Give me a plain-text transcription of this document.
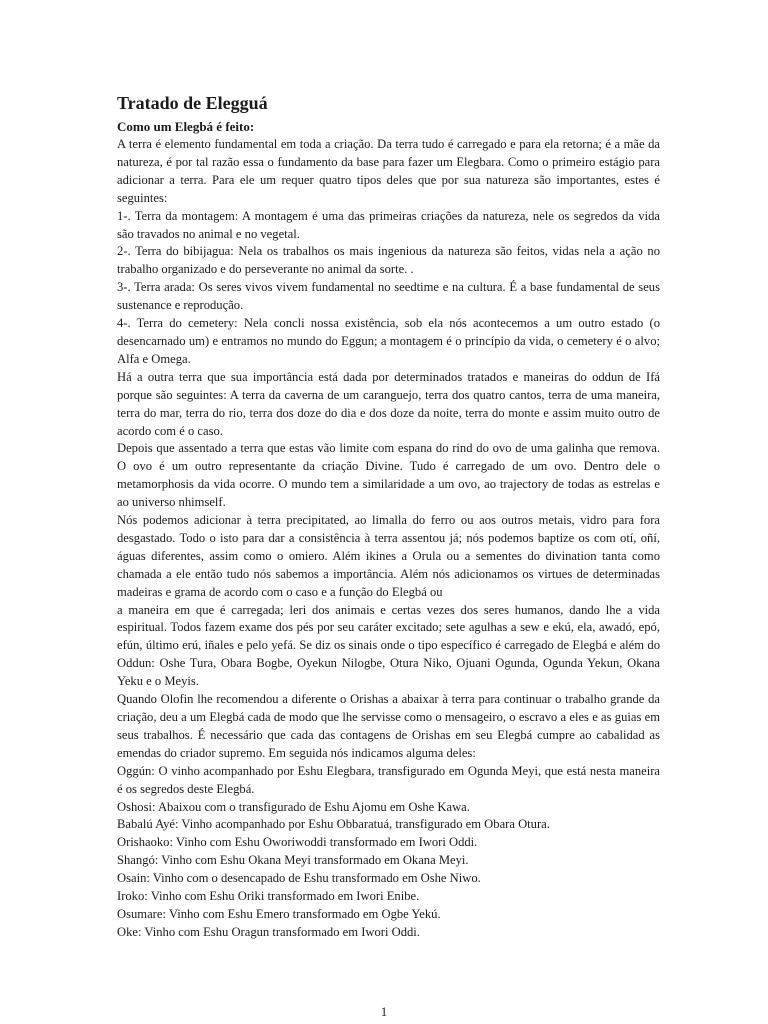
Tratado de Elegguá
Como um Elegbá é feito:

A terra é elemento fundamental em toda a criação. Da terra tudo é carregado e para ela retorna; é a mãe da natureza, é por tal razão essa o fundamento da base para fazer um Elegbara. Como o primeiro estágio para adicionar a terra. Para ele um requer quatro tipos deles que por sua natureza são importantes, estes é seguintes:

1-. Terra da montagem: A montagem é uma das primeiras criações da natureza, nele os segredos da vida são travados no animal e no vegetal.

2-. Terra do bibijagua: Nela os trabalhos os mais ingenious da natureza são feitos, vidas nela a ação no trabalho organizado e do perseverante no animal da sorte. .

3-. Terra arada: Os seres vivos vivem fundamental no seedtime e na cultura. É a base fundamental de seus sustenance e reprodução.

4-. Terra do cemetery: Nela concli nossa existência, sob ela nós acontecemos a um outro estado (o desencarnado um) e entramos no mundo do Eggun; a montagem é o princípio da vida, o cemetery é o alvo; Alfa e Omega.

Há a outra terra que sua importância está dada por determinados tratados e maneiras do oddun de Ifá porque são seguintes: A terra da caverna de um caranguejo, terra dos quatro cantos, terra de uma maneira, terra do mar, terra do rio, terra dos doze do dia e dos doze da noite, terra do monte e assim muito outro de acordo com é o caso.

Depois que assentado a terra que estas vão limite com espana do rind do ovo de uma galinha que remova. O ovo é um outro representante da criação Divine. Tudo é carregado de um ovo. Dentro dele o metamorphosis da vida ocorre. O mundo tem a similaridade a um ovo, ao trajectory de todas as estrelas e ao universo nhimself.

Nós podemos adicionar à terra precipitated, ao limalla do ferro ou aos outros metais, vidro para fora desgastado. Todo o isto para dar a consistência à terra assentou já; nós podemos baptize os com otí, oñí, águas diferentes, assim como o omiero. Além ikines a Orula ou a sementes do divination tanta como chamada a ele então tudo nós sabemos a importância. Além nós adicionamos os virtues de determinadas madeiras e grama de acordo com o caso e a função do Elegbá ou

a maneira em que é carregada; leri dos animais e certas vezes dos seres humanos, dando lhe a vida espiritual. Todos fazem exame dos pés por seu caráter excitado; sete agulhas a sew e ekú, ela, awadó, epó, efún, último erú, iñales e pelo yefá. Se diz os sinais onde o tipo específico é carregado de Elegbá e além do Oddun: Oshe Tura, Obara Bogbe, Oyekun Nilogbe, Otura Niko, Ojuani Ogunda, Ogunda Yekun, Okana Yeku e o Meyis.

Quando Olofin lhe recomendou a diferente o Orishas a abaixar à terra para continuar o trabalho grande da criação, deu a um Elegbá cada de modo que lhe servisse como o mensageiro, o escravo a eles e as guias em seus trabalhos. É necessário que cada das contagens de Orishas em seu Elegbá cumpre ao cabalidad as emendas do criador supremo. Em seguida nós indicamos alguma deles:

Oggún: O vinho acompanhado por Eshu Elegbara, transfigurado em Ogunda Meyi, que está nesta maneira é os segredos deste Elegbá.

Oshosi: Abaixou com o transfigurado de Eshu Ajomu em Oshe Kawa.

Babalú Ayé: Vinho acompanhado por Eshu Obbaratuá, transfigurado em Obara Otura.

Orishaoko: Vinho com Eshu Oworiwoddi transformado em Iwori Oddi.

Shangó: Vinho com Eshu Okana Meyi transformado em Okana Meyi.

Osain: Vinho com o desencapado de Eshu transformado em Oshe Niwo.

Iroko: Vinho com Eshu Oriki transformado em Iwori Enibe.

Osumare: Vinho com Eshu Emero transformado em Ogbe Yekú.

Oke: Vinho com Eshu Oragun transformado em Iwori Oddi.

1
